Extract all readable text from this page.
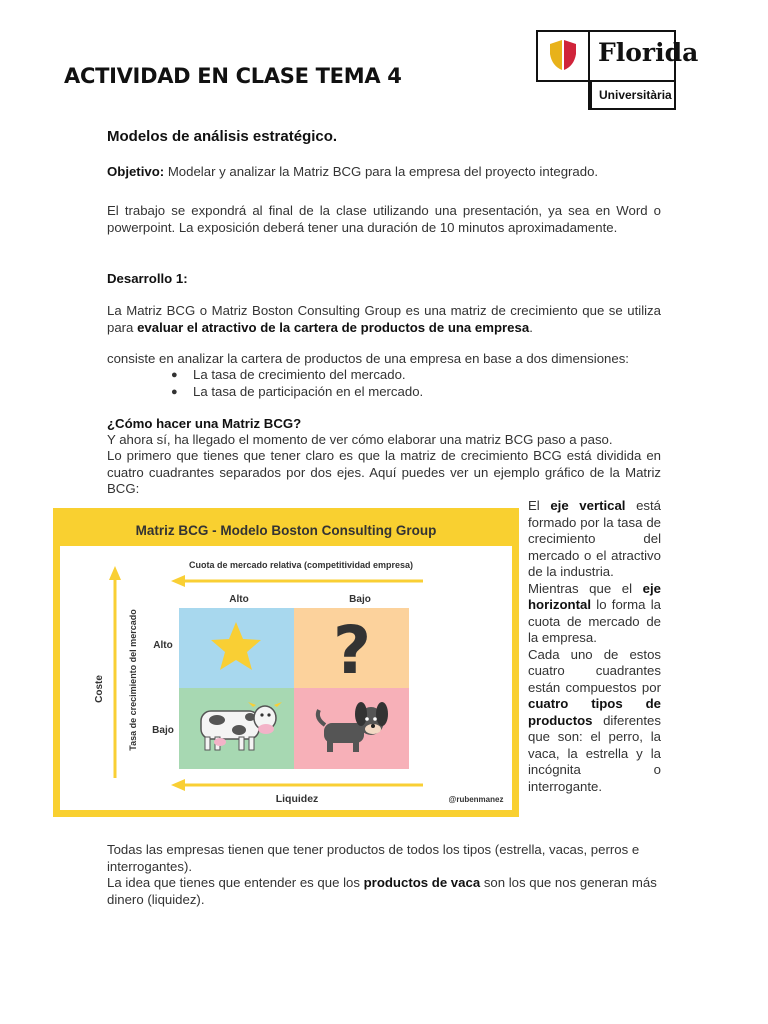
ACTIVIDAD EN CLASE TEMA 4
Florida
Universitària
Modelos de análisis estratégico.
Objetivo: Modelar y analizar la Matriz BCG para la empresa del proyecto integrado.
El trabajo se expondrá al final de la clase utilizando una presentación, ya sea en Word o powerpoint. La exposición deberá tener una duración de 10 minutos aproximadamente.
Desarrollo 1:
La Matriz BCG o Matriz Boston Consulting Group es una matriz de crecimiento que se utiliza para evaluar el atractivo de la cartera de productos de una empresa.
consiste en analizar la cartera de productos de una empresa en base a dos dimensiones:
● La tasa de crecimiento del mercado.
● La tasa de participación en el mercado.
¿Cómo hacer una Matriz BCG?
Y ahora sí, ha llegado el momento de ver cómo elaborar una matriz BCG paso a paso.
Lo primero que tienes que tener claro es que la matriz de crecimiento BCG está dividida en cuatro cuadrantes separados por dos ejes. Aquí puedes ver un ejemplo gráfico de la Matriz BCG:
Matriz BCG - Modelo Boston Consulting Group
Cuota de mercado relativa (competitividad empresa)
Alto	Bajo
Coste	Tasa de crecimiento del mercado Alto
Bajo
?
Liquidez	@rubenmanez
El eje vertical está formado por la tasa de crecimiento del mercado o el atractivo de la industria.
Mientras que el eje horizontal lo forma la cuota de mercado de la empresa.
Cada uno de estos cuatro cuadrantes están compuestos por cuatro tipos de productos diferentes que son: el perro, la vaca, la estrella y la incógnita o interrogante.
Todas las empresas tienen que tener productos de todos los tipos (estrella, vacas, perros e interrogantes).
La idea que tienes que entender es que los productos de vaca son los que nos generan más dinero (liquidez).
